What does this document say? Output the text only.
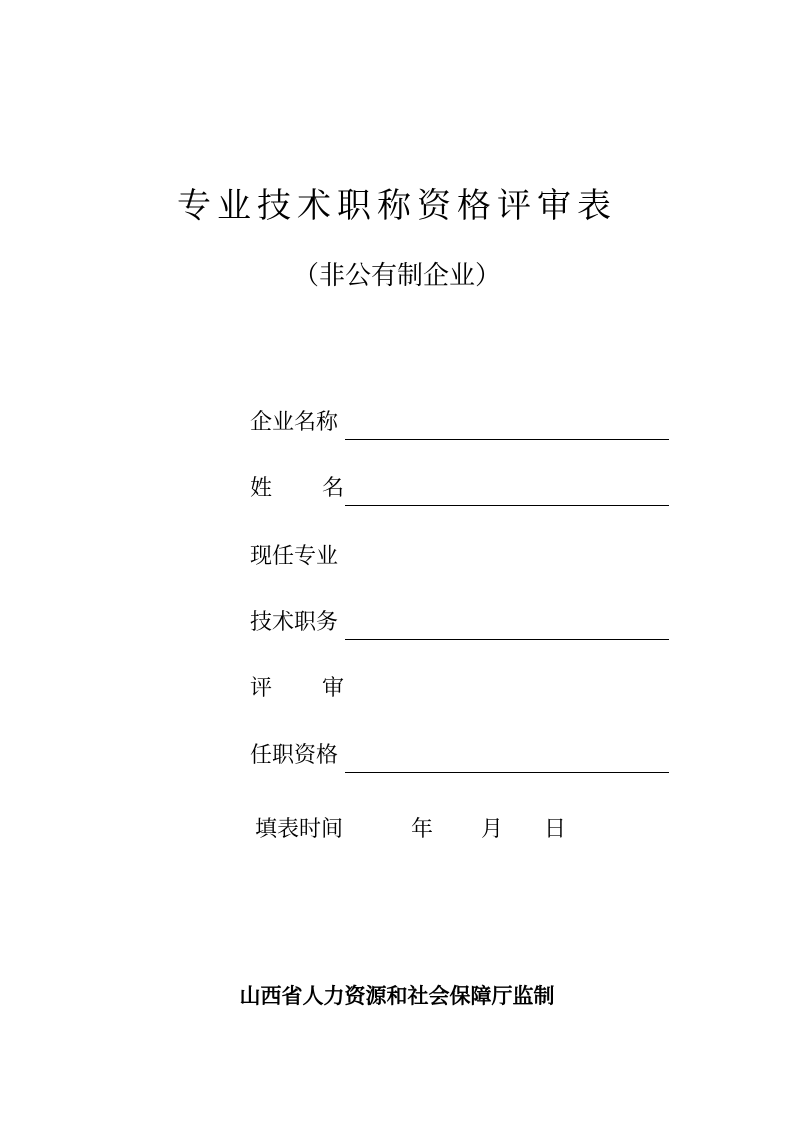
专业技术职称资格评审表
（非公有制企业）
企业名称
姓 名
现任专业
技术职务
评 审
任职资格
填表时间	年 月 日
山西省人力资源和社会保障厅监制
